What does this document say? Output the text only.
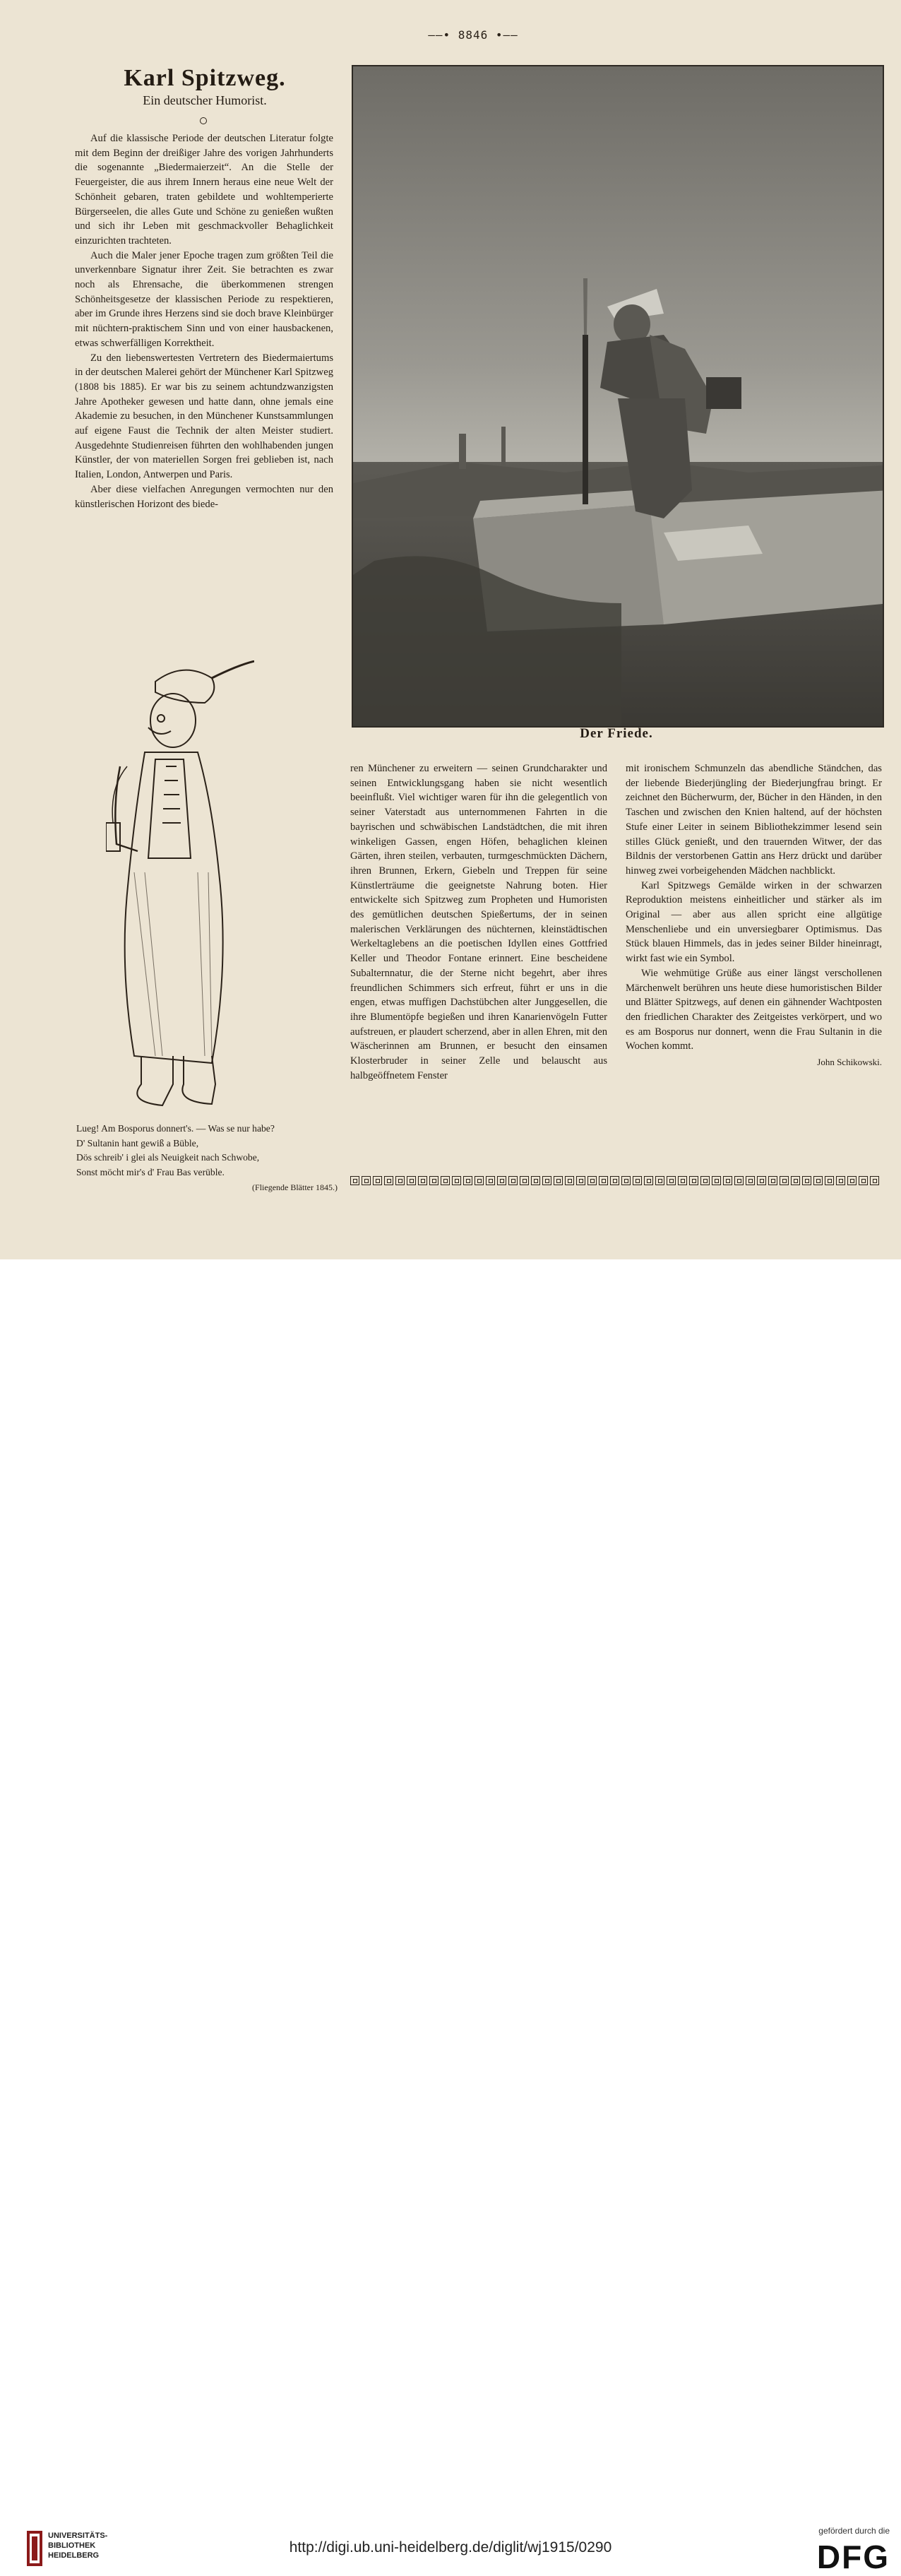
——• 8846 •——
Karl Spitzweg.
Ein deutscher Humorist.

Auf die klassische Periode der deutschen Literatur folgte mit dem Beginn der dreißiger Jahre des vorigen Jahrhunderts die sogenannte „Biedermaierzeit“. An die Stelle der Feuergeister, die aus ihrem Innern heraus eine neue Welt der Schönheit gebaren, traten gebildete und wohltemperierte Bürgerseelen, die alles Gute und Schöne zu genießen wußten und sich ihr Leben mit geschmackvoller Behaglichkeit einzurichten trachteten.

Auch die Maler jener Epoche tragen zum größten Teil die unverkennbare Signatur ihrer Zeit. Sie betrachten es zwar noch als Ehrensache, die überkommenen strengen Schönheitsgesetze der klassischen Periode zu respektieren, aber im Grunde ihres Herzens sind sie doch brave Kleinbürger mit nüchtern-praktischem Sinn und von einer hausbackenen, etwas schwerfälligen Korrektheit.

Zu den liebenswertesten Vertretern des Biedermaiertums in der deutschen Malerei gehört der Münchener Karl Spitzweg (1808 bis 1885). Er war bis zu seinem achtundzwanzigsten Jahre Apotheker gewesen und hatte dann, ohne jemals eine Akademie zu besuchen, in den Münchener Kunstsammlungen auf eigene Faust die Technik der alten Meister studiert. Ausgedehnte Studienreisen führten den wohlhabenden jungen Künstler, der von materiellen Sorgen frei geblieben ist, nach Italien, London, Antwerpen und Paris.

Aber diese vielfachen Anregungen vermochten nur den künstlerischen Horizont des biede-

Der Friede.
Lueg! Am Bosporus donnert's. — Was se nur habe?
D' Sultanin hant gewiß a Büble,
Dös schreib' i glei als Neuigkeit nach Schwobe,
Sonst möcht mir's d' Frau Bas verüble.
(Fliegende Blätter 1845.)

ren Münchener zu erweitern — seinen Grundcharakter und seinen Entwicklungsgang haben sie nicht wesentlich beeinflußt. Viel wichtiger waren für ihn die gelegentlich von seiner Vaterstadt aus unternommenen Fahrten in die bayrischen und schwäbischen Landstädtchen, die mit ihren winkeligen Gassen, engen Höfen, behaglichen kleinen Gärten, ihren steilen, verbauten, turmgeschmückten Dächern, ihren Brunnen, Erkern, Giebeln und Treppen für seine Künstlerträume die geeignetste Nahrung boten. Hier entwickelte sich Spitzweg zum Propheten und Humoristen des gemütlichen deutschen Spießertums, der in seinen malerischen Verklärungen des nüchternen, kleinstädtischen Werkeltaglebens an die poetischen Idyllen eines Gottfried Keller und Theodor Fontane erinnert. Eine bescheidene Subalternnatur, die der Sterne nicht begehrt, aber ihres freundlichen Schimmers sich erfreut, führt er uns in die engen, etwas muffigen Dachstübchen alter Junggesellen, die ihre Blumentöpfe begießen und ihren Kanarienvögeln Futter aufstreuen, er plaudert scherzend, aber in allen Ehren, mit den Wäscherinnen am Brunnen, er besucht den einsamen Klosterbruder in seiner Zelle und belauscht aus halbgeöffnetem Fenster

mit ironischem Schmunzeln das abendliche Ständchen, das der liebende Biederjüngling der Biederjungfrau bringt. Er zeichnet den Bücherwurm, der, Bücher in den Händen, in den Taschen und zwischen den Knien haltend, auf der höchsten Stufe einer Leiter in seinem Bibliothekzimmer lesend sein stilles Glück genießt, und den trauernden Witwer, der das Bildnis der verstorbenen Gattin ans Herz drückt und darüber hinweg zwei vorbeigehenden Mädchen nachblickt.

Karl Spitzwegs Gemälde wirken in der schwarzen Reproduktion meistens einheitlicher und stärker als im Original — aber aus allen spricht eine allgütige Menschenliebe und ein unversiegbarer Optimismus. Das Stück blauen Himmels, das in jedes seiner Bilder hineinragt, wirkt fast wie ein Symbol.

Wie wehmütige Grüße aus einer längst verschollenen Märchenwelt berühren uns heute diese humoristischen Bilder und Blätter Spitzwegs, auf denen ein gähnender Wachtposten den friedlichen Charakter des Zeitgeistes verkörpert, und wo es am Bosporus nur donnert, wenn die Frau Sultanin in die Wochen kommt.

John Schikowski.
UNIVERSITÄTS-
BIBLIOTHEK
HEIDELBERG	http://digi.ub.uni-heidelberg.de/diglit/wj1915/0290
gefördert durch die
DFG
